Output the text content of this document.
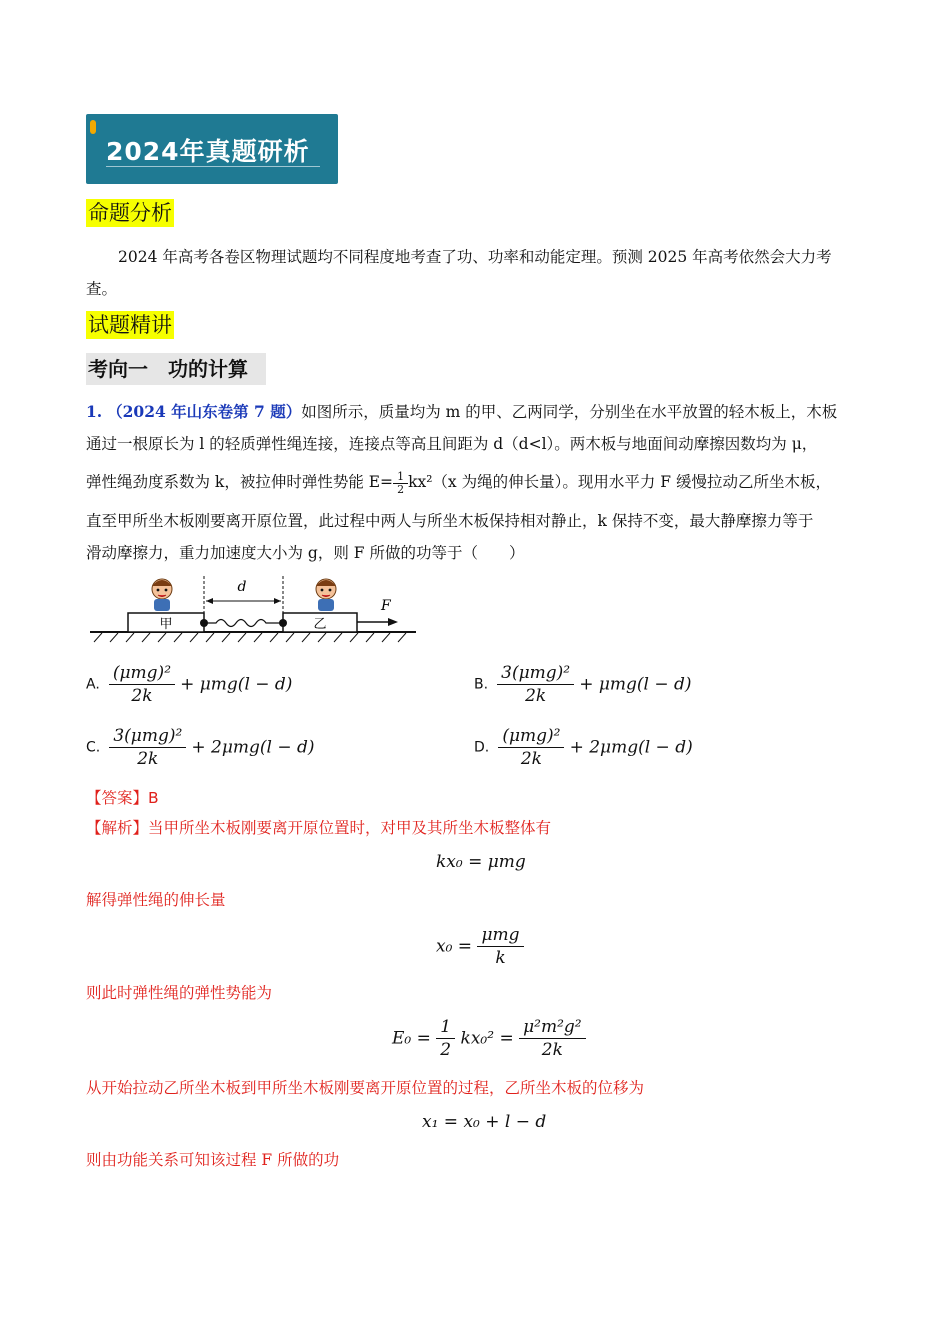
2024年真题研析
命题分析
2024 年高考各卷区物理试题均不同程度地考查了功、功率和动能定理。预测 2025 年高考依然会大力考
查。
试题精讲
考向一　功的计算
1. （2024 年山东卷第 7 题）如图所示，质量均为 m 的甲、乙两同学，分别坐在水平放置的轻木板上，木板
通过一根原长为 l 的轻质弹性绳连接，连接点等高且间距为 d（d<l）。两木板与地面间动摩擦因数均为 μ，
弹性绳劲度系数为 k，被拉伸时弹性势能 $E= \frac{1}{2} kx^2(x$ 为绳的伸长量）。现用水平力 F 缓慢拉动乙所坐木板，
直至甲所坐木板刚要离开原位置，此过程中两人与所坐木板保持相对静止，k 保持不变，最大静摩擦力等于
滑动摩擦力，重力加速度大小为 g，则 F 所做的功等于（　　）
甲	乙
d
F
A. $\frac{\text{(μmg)²}}{2k} + \mu mg(l - d)$	B. $\frac{\text{3(μmg)²}}{2k} + \mu mg(l - d)$
C. $\frac{\text{3(μmg)²}}{2k} + 2\mu mg(l - d)$	D. $\frac{\text{(μmg)²}}{2k} + 2\mu mg(l - d)$
【答案】B
【解析】当甲所坐木板刚要离开原位置时，对甲及其所坐木板整体有
kx₀ = μmg
解得弹性绳的伸长量
$x_0 = \frac{\text{μmg}}{k}$
则此时弹性绳的弹性势能为
$E_0 = \frac{1}{2} kx_0^2 = \frac{\text{μ²m²g²}}{2k}$
从开始拉动乙所坐木板到甲所坐木板刚要离开原位置的过程，乙所坐木板的位移为
x₁ = x₀ + l − d
则由功能关系可知该过程 F 所做的功
